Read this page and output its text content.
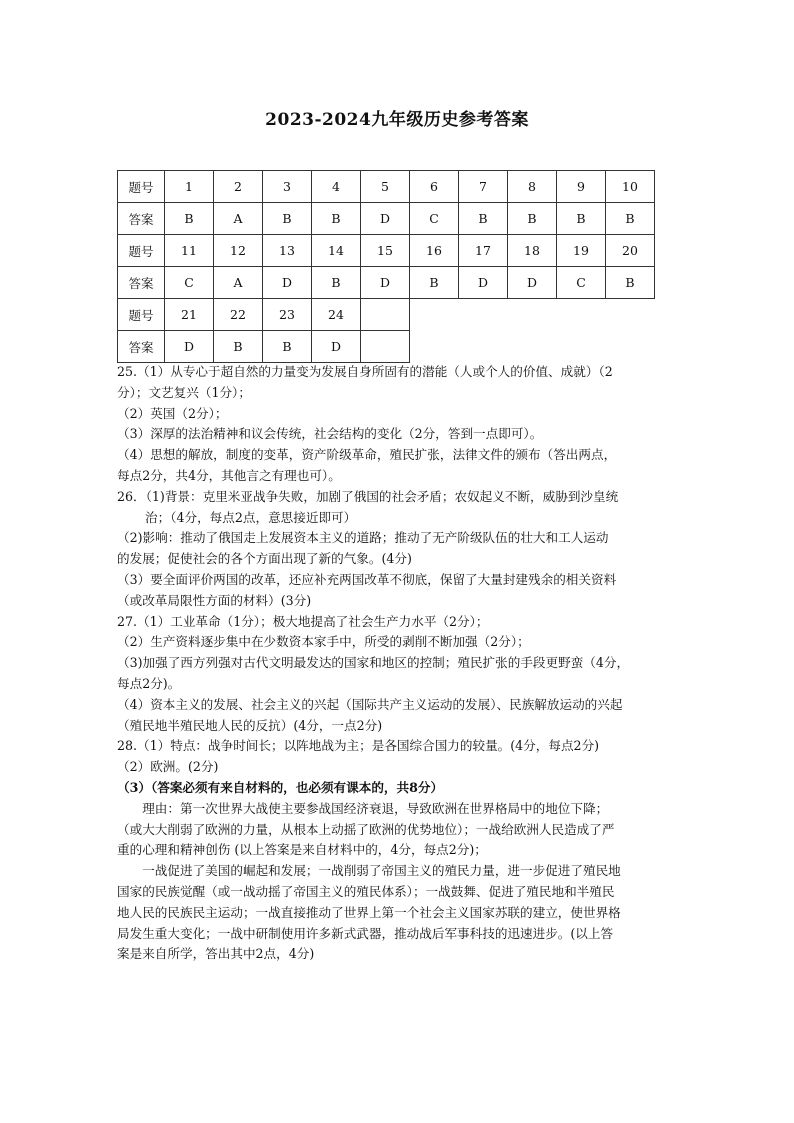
2023-2024九年级历史参考答案
题号	1	2	3	4	5	6	7	8	9	10
答案	B	A	B	B	D	C	B	B	B	B
题号	11	12	13	14	15	16	17	18	19	20
答案	C	A	D	B	D	B	D	D	C	B
题号	21	22	23	24						
答案	D	B	B	D						

25.（1）从专心于超自然的力量变为发展自身所固有的潜能（人或个人的价值、成就）（2

分）；文艺复兴（1分）；

（2）英国（2分）；

（3）深厚的法治精神和议会传统，社会结构的变化（2分，答到一点即可）。

（4）思想的解放，制度的变革，资产阶级革命，殖民扩张，法律文件的颁布（答出两点，

每点2分，共4分，其他言之有理也可）。

26．（1)背景：克里米亚战争失败，加剧了俄国的社会矛盾；农奴起义不断，威胁到沙皇统

治；（4分，每点2点，意思接近即可）

（2)影响：推动了俄国走上发展资本主义的道路；推动了无产阶级队伍的壮大和工人运动

的发展；促使社会的各个方面出现了新的气象。(4分)

（3）要全面评价两国的改革，还应补充两国改革不彻底，保留了大量封建残余的相关资料

（或改革局限性方面的材料）(3分)

27.（1）工业革命（1分）；极大地提高了社会生产力水平（2分）；

（2）生产资料逐步集中在少数资本家手中，所受的剥削不断加强（2分）；

（3)加强了西方列强对古代文明最发达的国家和地区的控制；殖民扩张的手段更野蛮（4分，

每点2分)。

（4）资本主义的发展、社会主义的兴起（国际共产主义运动的发展）、民族解放运动的兴起

（殖民地半殖民地人民的反抗）(4分，一点2分)

28.（1）特点：战争时间长；以阵地战为主；是各国综合国力的较量。(4分，每点2分)

（2）欧洲。(2分)

（3）（答案必须有来自材料的，也必须有课本的，共8分）

理由：第一次世界大战使主要参战国经济衰退，导致欧洲在世界格局中的地位下降；

（或大大削弱了欧洲的力量，从根本上动摇了欧洲的优势地位）；一战给欧洲人民造成了严

重的心理和精神创伤 (以上答案是来自材料中的，4分，每点2分)；

一战促进了美国的崛起和发展；一战削弱了帝国主义的殖民力量，进一步促进了殖民地

国家的民族觉醒（或一战动摇了帝国主义的殖民体系）；一战鼓舞、促进了殖民地和半殖民

地人民的民族民主运动；一战直接推动了世界上第一个社会主义国家苏联的建立，使世界格

局发生重大变化；一战中研制使用许多新式武器，推动战后军事科技的迅速进步。(以上答

案是来自所学，答出其中2点，4分)
